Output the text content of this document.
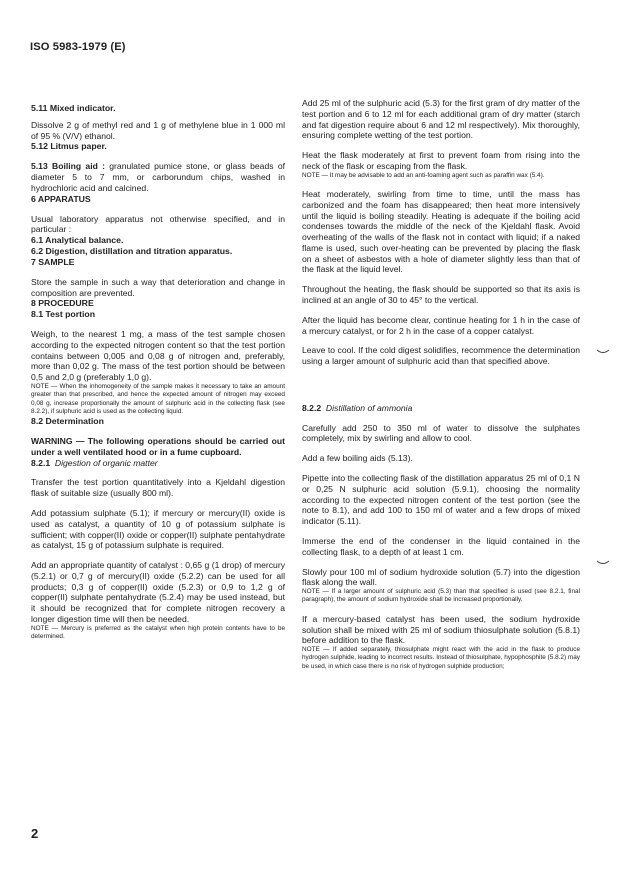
ISO 5983-1979 (E)

5.11 Mixed indicator.

Dissolve 2 g of methyl red and 1 g of methylene blue in 1 000 ml of 95 % (V/V) ethanol.

5.12 Litmus paper.

5.13 Boiling aid : granulated pumice stone, or glass beads of diameter 5 to 7 mm, or carborundum chips, washed in hydrochloric acid and calcined.

6 APPARATUS

Usual laboratory apparatus not otherwise specified, and in particular :

6.1 Analytical balance.

6.2 Digestion, distillation and titration apparatus.

7 SAMPLE

Store the sample in such a way that deterioration and change in composition are prevented.

8 PROCEDURE

8.1 Test portion

Weigh, to the nearest 1 mg, a mass of the test sample chosen according to the expected nitrogen content so that the test portion contains between 0,005 and 0,08 g of nitrogen and, preferably, more than 0,02 g. The mass of the test portion should be between 0,5 and 2,0 g (preferably 1,0 g).

NOTE — When the inhomogeneity of the sample makes it necessary to take an amount greater than that prescribed, and hence the expected amount of nitrogen may exceed 0,08 g, increase proportionally the amount of sulphuric acid in the collecting flask (see 8.2.2), if sulphuric acid is used as the collecting liquid.

8.2 Determination

WARNING — The following operations should be carried out under a well ventilated hood or in a fume cupboard.

8.2.1 Digestion of organic matter

Transfer the test portion quantitatively into a Kjeldahl digestion flask of suitable size (usually 800 ml).

Add potassium sulphate (5.1); if mercury or mercury(II) oxide is used as catalyst, a quantity of 10 g of potassium sulphate is sufficient; with copper(II) oxide or copper(II) sulphate pentahydrate as catalyst, 15 g of potassium sulphate is required.

Add an appropriate quantity of catalyst : 0,65 g (1 drop) of mercury (5.2.1) or 0,7 g of mercury(II) oxide (5.2.2) can be used for all products; 0,3 g of copper(II) oxide (5.2.3) or 0,9 to 1,2 g of copper(II) sulphate pentahydrate (5.2.4) may be used instead, but it should be recognized that for complete nitrogen recovery a longer digestion time will then be needed.

NOTE — Mercury is preferred as the catalyst when high protein contents have to be determined.

Add 25 ml of the sulphuric acid (5.3) for the first gram of dry matter of the test portion and 6 to 12 ml for each additional gram of dry matter (starch and fat digestion require about 6 and 12 ml respectively). Mix thoroughly, ensuring complete wetting of the test portion.

Heat the flask moderately at first to prevent foam from rising into the neck of the flask or escaping from the flask.

NOTE — It may be advisable to add an anti-foaming agent such as paraffin wax (5.4).

Heat moderately, swirling from time to time, until the mass has carbonized and the foam has disappeared; then heat more intensively until the liquid is boiling steadily. Heating is adequate if the boiling acid condenses towards the middle of the neck of the Kjeldahl flask. Avoid overheating of the walls of the flask not in contact with liquid; if a naked flame is used, such over-heating can be prevented by placing the flask on a sheet of asbestos with a hole of diameter slightly less than that of the flask at the liquid level.

Throughout the heating, the flask should be supported so that its axis is inclined at an angle of 30 to 45° to the vertical.

After the liquid has become clear, continue heating for 1 h in the case of a mercury catalyst, or for 2 h in the case of a copper catalyst.

Leave to cool. If the cold digest solidifies, recommence the determination using a larger amount of sulphuric acid than that specified above.

8.2.2 Distillation of ammonia

Carefully add 250 to 350 ml of water to dissolve the sulphates completely, mix by swirling and allow to cool.

Add a few boiling aids (5.13).

Pipette into the collecting flask of the distillation apparatus 25 ml of 0,1 N or 0,25 N sulphuric acid solution (5.9.1), choosing the normality according to the expected nitrogen content of the test portion (see the note to 8.1), and add 100 to 150 ml of water and a few drops of mixed indicator (5.11).

Immerse the end of the condenser in the liquid contained in the collecting flask, to a depth of at least 1 cm.

Slowly pour 100 ml of sodium hydroxide solution (5.7) into the digestion flask along the wall.

NOTE — If a larger amount of sulphuric acid (5.3) than that specified is used (see 8.2.1, final paragraph), the amount of sodium hydroxide shall be increased proportionally.

If a mercury-based catalyst has been used, the sodium hydroxide solution shall be mixed with 25 ml of sodium thiosulphate solution (5.8.1) before addition to the flask.

NOTE — If added separately, thiosulphate might react with the acid in the flask to produce hydrogen sulphide, leading to incorrect results. Instead of thiosulphate, hypophosphite (5.8.2) may be used, in which case there is no risk of hydrogen sulphide production;

2
